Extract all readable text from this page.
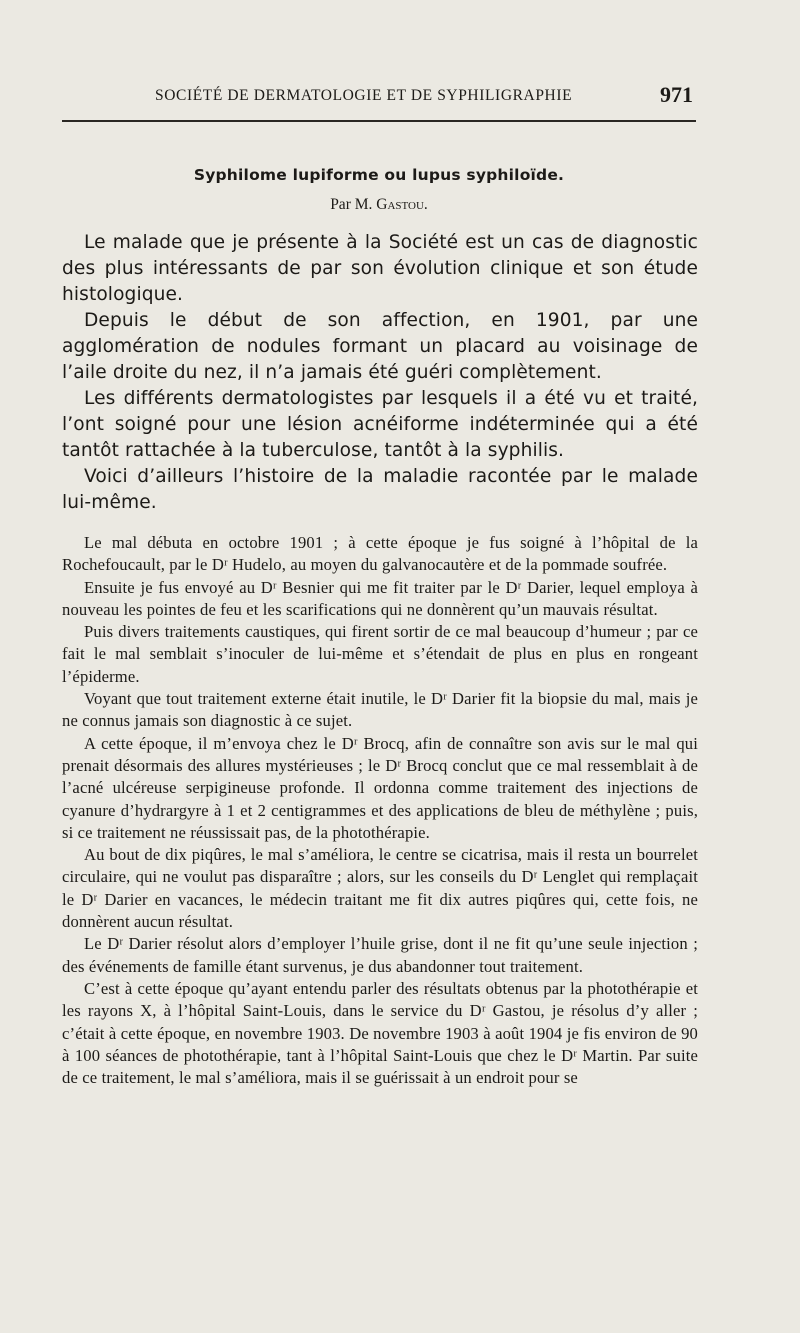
SOCIÉTÉ DE DERMATOLOGIE ET DE SYPHILIGRAPHIE	971
Syphilome lupiforme ou lupus syphiloïde.
Par M. Gastou.

Le malade que je présente à la Société est un cas de diagnostic des plus intéressants de par son évolution clinique et son étude histologique.

Depuis le début de son affection, en 1901, par une agglomération de nodules formant un placard au voisinage de l’aile droite du nez, il n’a jamais été guéri complètement.

Les différents dermatologistes par lesquels il a été vu et traité, l’ont soigné pour une lésion acnéiforme indéterminée qui a été tantôt rattachée à la tuberculose, tantôt à la syphilis.

Voici d’ailleurs l’histoire de la maladie racontée par le malade lui-même.

Le mal débuta en octobre 1901 ; à cette époque je fus soigné à l’hôpital de la Rochefoucault, par le Dʳ Hudelo, au moyen du galvanocautère et de la pommade soufrée.

Ensuite je fus envoyé au Dʳ Besnier qui me fit traiter par le Dʳ Darier, lequel employa à nouveau les pointes de feu et les scarifications qui ne donnèrent qu’un mauvais résultat.

Puis divers traitements caustiques, qui firent sortir de ce mal beaucoup d’humeur ; par ce fait le mal semblait s’inoculer de lui-même et s’étendait de plus en plus en rongeant l’épiderme.

Voyant que tout traitement externe était inutile, le Dʳ Darier fit la biopsie du mal, mais je ne connus jamais son diagnostic à ce sujet.

A cette époque, il m’envoya chez le Dʳ Brocq, afin de connaître son avis sur le mal qui prenait désormais des allures mystérieuses ; le Dʳ Brocq conclut que ce mal ressemblait à de l’acné ulcéreuse serpigineuse profonde. Il ordonna comme traitement des injections de cyanure d’hydrargyre à 1 et 2 centigrammes et des applications de bleu de méthylène ; puis, si ce traitement ne réussissait pas, de la photothérapie.

Au bout de dix piqûres, le mal s’améliora, le centre se cicatrisa, mais il resta un bourrelet circulaire, qui ne voulut pas disparaître ; alors, sur les conseils du Dʳ Lenglet qui remplaçait le Dʳ Darier en vacances, le médecin traitant me fit dix autres piqûres qui, cette fois, ne donnèrent aucun résultat.

Le Dʳ Darier résolut alors d’employer l’huile grise, dont il ne fit qu’une seule injection ; des événements de famille étant survenus, je dus abandonner tout traitement.

C’est à cette époque qu’ayant entendu parler des résultats obtenus par la photothérapie et les rayons X, à l’hôpital Saint-Louis, dans le service du Dʳ Gastou, je résolus d’y aller ; c’était à cette époque, en novembre 1903. De novembre 1903 à août 1904 je fis environ de 90 à 100 séances de photothérapie, tant à l’hôpital Saint-Louis que chez le Dʳ Martin. Par suite de ce traitement, le mal s’améliora, mais il se guérissait à un endroit pour se
